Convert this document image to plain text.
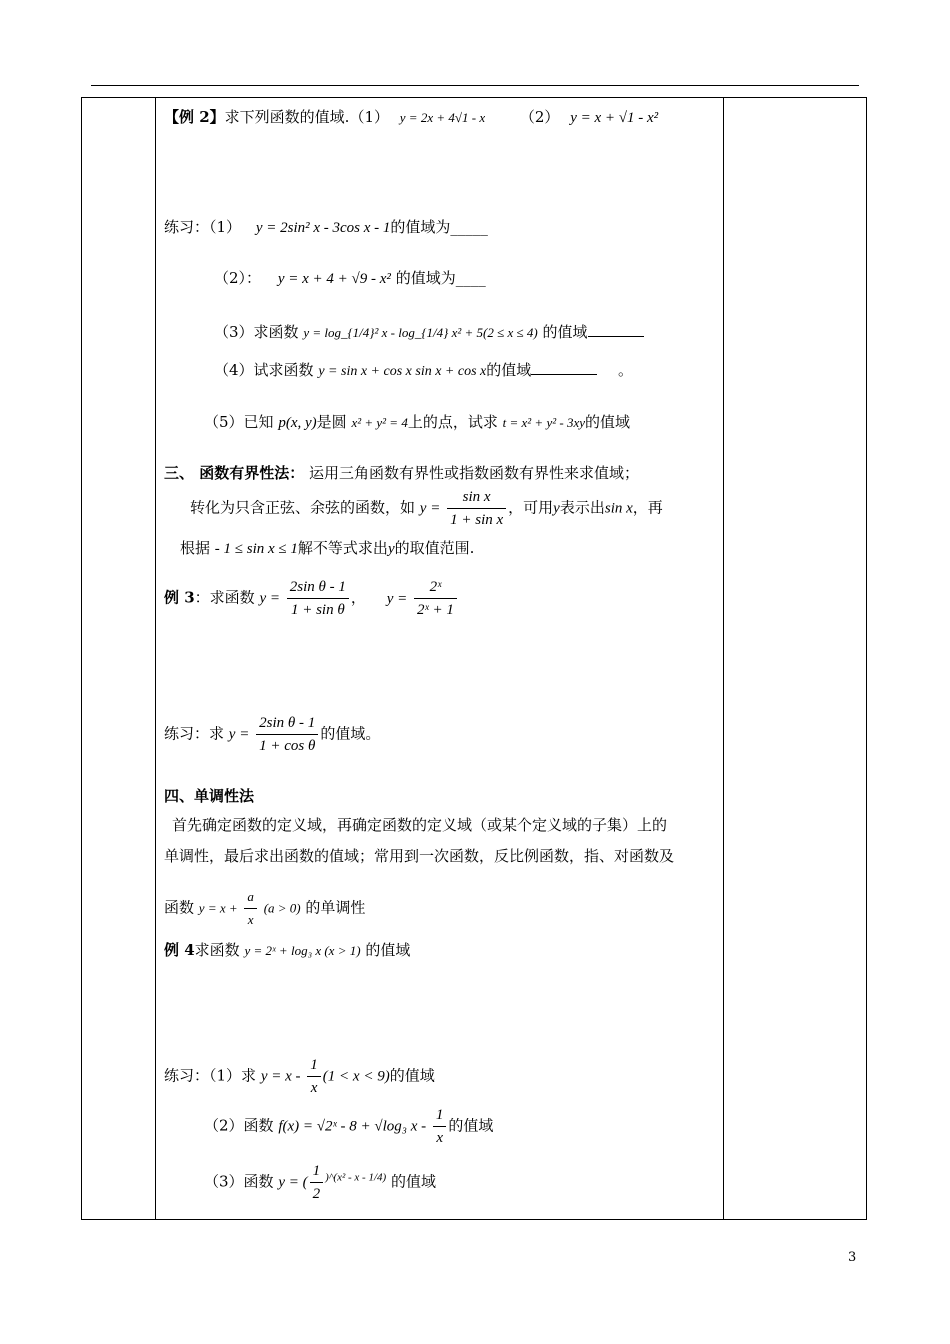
【例 2】求下列函数的值域.（1） y = 2x + 4√1 - x （2） y = x + √1 - x²
练习：（1） y = 2sin² x - 3cos x - 1的值域为_____
（2）： y = x + 4 + √9 - x² 的值域为____
（3）求函数 y = log_{1/4}² x - log_{1/4} x² + 5(2 ≤ x ≤ 4) 的值域
（4）试求函数 y = sin x + cos x sin x + cos x的值域	。
（5）已知 p(x, y)是圆 x² + y² = 4上的点，试求 t = x² + y² - 3xy的值域
三、 函数有界性法： 运用三角函数有界性或指数函数有界性来求值域；
转化为只含正弦、余弦的函数，如 $y = \frac{\text{sin x}}{\text{1 + sin x}}$ ，可用y表示出sin x，再
根据 - 1 ≤ sin x ≤ 1解不等式求出y的取值范围.
例 3：求函数 $y = \frac{\text{2sin θ - 1}}{\text{1 + sin θ}}$ ， $y = \frac{\text{2ˣ}}{\text{2ˣ + 1}}$
练习：求 $y = \frac{\text{2sin θ - 1}}{\text{1 + cos θ}}$ 的值域。
四、单调性法
首先确定函数的定义域，再确定函数的定义域（或某个定义域的子集）上的
单调性，最后求出函数的值域；常用到一次函数，反比例函数，指、对函数及
函数 $y = x + \frac{a}{x} (a > 0)$ 的单调性
例 4求函数 y = 2ˣ + log₃ x (x > 1) 的值域
练习：（1）求 $y = x - \frac{1}{x} (1 < x < 9)$的值域
（2）函数 f(x) = √2ˣ - 8 + √log₃ x - $\frac{1}{x}$ 的值域
（3）函数 y = ( $\frac{1}{2} ^{)\^{}(x^2 - x - 1/4)}$ 的值域
3
